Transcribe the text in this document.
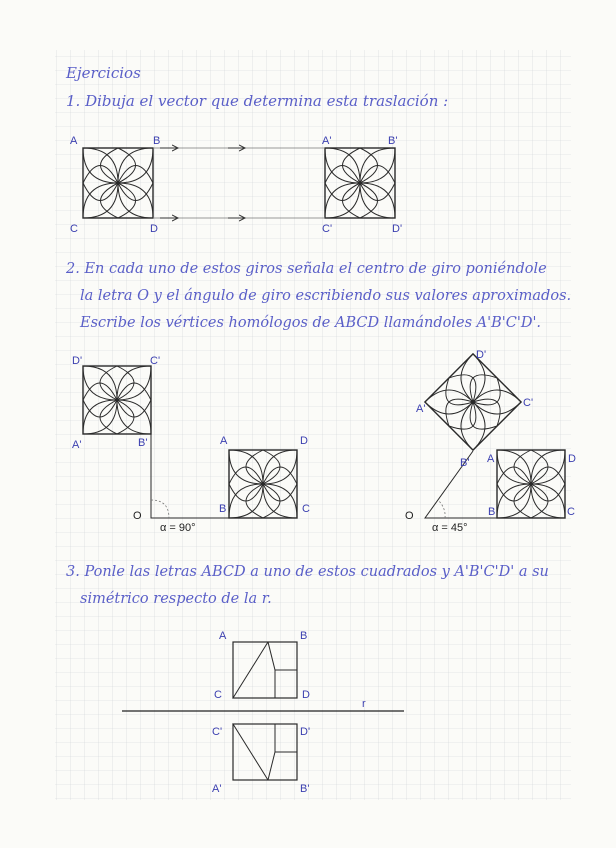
Ejercicios
1. Dibuja el vector que determina esta traslación :
A	B
C	D
A'	B'
C'	D'
2. En cada uno de estos giros señala el centro de giro poniéndole
la letra O y el ángulo de giro escribiendo sus valores aproximados.
Escribe los vértices homólogos de ABCD llamándoles A'B'C'D'.
D'	C'
A'	B'	A	D
B	C
O
α = 90°
D'
A'	C'
B' A	D
B	C
O
α = 45°
3. Ponle las letras ABCD a uno de estos cuadrados y A'B'C'D' a su
simétrico respecto de la r.
A	B
C	D
r
C'	D'
A'	B'
